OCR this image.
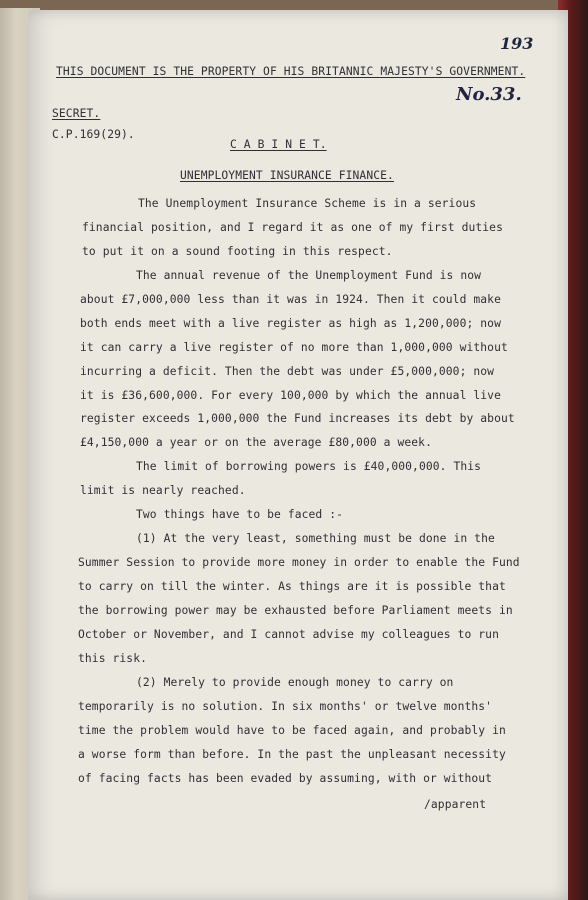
193
No.33.
THIS DOCUMENT IS THE PROPERTY OF HIS BRITANNIC MAJESTY'S GOVERNMENT.
SECRET.
C.P.169(29).
C A B I N E T.
UNEMPLOYMENT INSURANCE FINANCE.
The Unemployment Insurance Scheme is in a serious
financial position, and I regard it as one of my first duties
to put it on a sound footing in this respect.
The annual revenue of the Unemployment Fund is now
about £7,000,000 less than it was in 1924. Then it could make
both ends meet with a live register as high as 1,200,000; now
it can carry a live register of no more than 1,000,000 without
incurring a deficit. Then the debt was under £5,000,000; now
it is £36,600,000. For every 100,000 by which the annual live
register exceeds 1,000,000 the Fund increases its debt by about
£4,150,000 a year or on the average £80,000 a week.
The limit of borrowing powers is £40,000,000. This
limit is nearly reached.
Two things have to be faced :-
(1) At the very least, something must be done in the
Summer Session to provide more money in order to enable the Fund
to carry on till the winter. As things are it is possible that
the borrowing power may be exhausted before Parliament meets in
October or November, and I cannot advise my colleagues to run
this risk.
(2) Merely to provide enough money to carry on
temporarily is no solution. In six months' or twelve months'
time the problem would have to be faced again, and probably in
a worse form than before. In the past the unpleasant necessity
of facing facts has been evaded by assuming, with or without
/apparent
